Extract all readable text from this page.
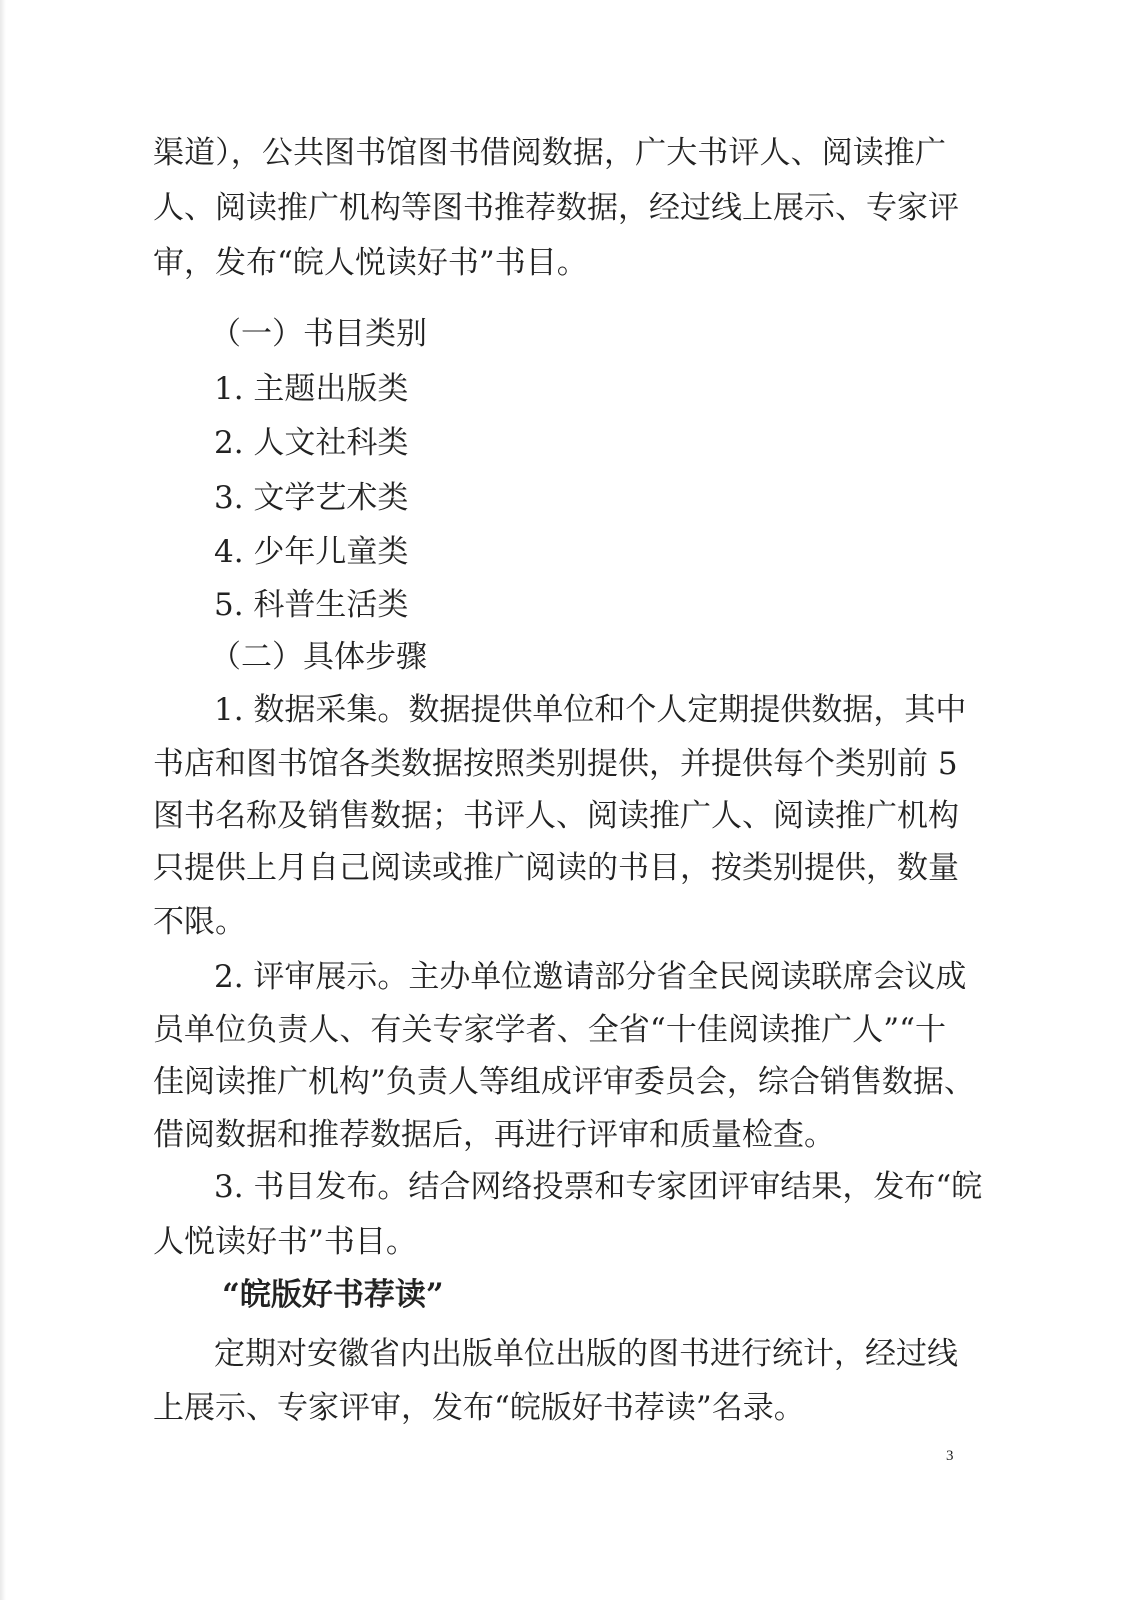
渠道），公共图书馆图书借阅数据，广大书评人、阅读推广
人、阅读推广机构等图书推荐数据，经过线上展示、专家评
审，发布“皖人悦读好书”书目。
（一）书目类别
1. 主题出版类
2. 人文社科类
3. 文学艺术类
4. 少年儿童类
5. 科普生活类
（二）具体步骤
1. 数据采集。数据提供单位和个人定期提供数据，其中
书店和图书馆各类数据按照类别提供，并提供每个类别前 5
图书名称及销售数据；书评人、阅读推广人、阅读推广机构
只提供上月自己阅读或推广阅读的书目，按类别提供，数量
不限。
2. 评审展示。主办单位邀请部分省全民阅读联席会议成
员单位负责人、有关专家学者、全省“十佳阅读推广人”“十
佳阅读推广机构”负责人等组成评审委员会，综合销售数据、
借阅数据和推荐数据后，再进行评审和质量检查。
3. 书目发布。结合网络投票和专家团评审结果，发布“皖
人悦读好书”书目。
“皖版好书荐读”
定期对安徽省内出版单位出版的图书进行统计，经过线
上展示、专家评审，发布“皖版好书荐读”名录。
3
